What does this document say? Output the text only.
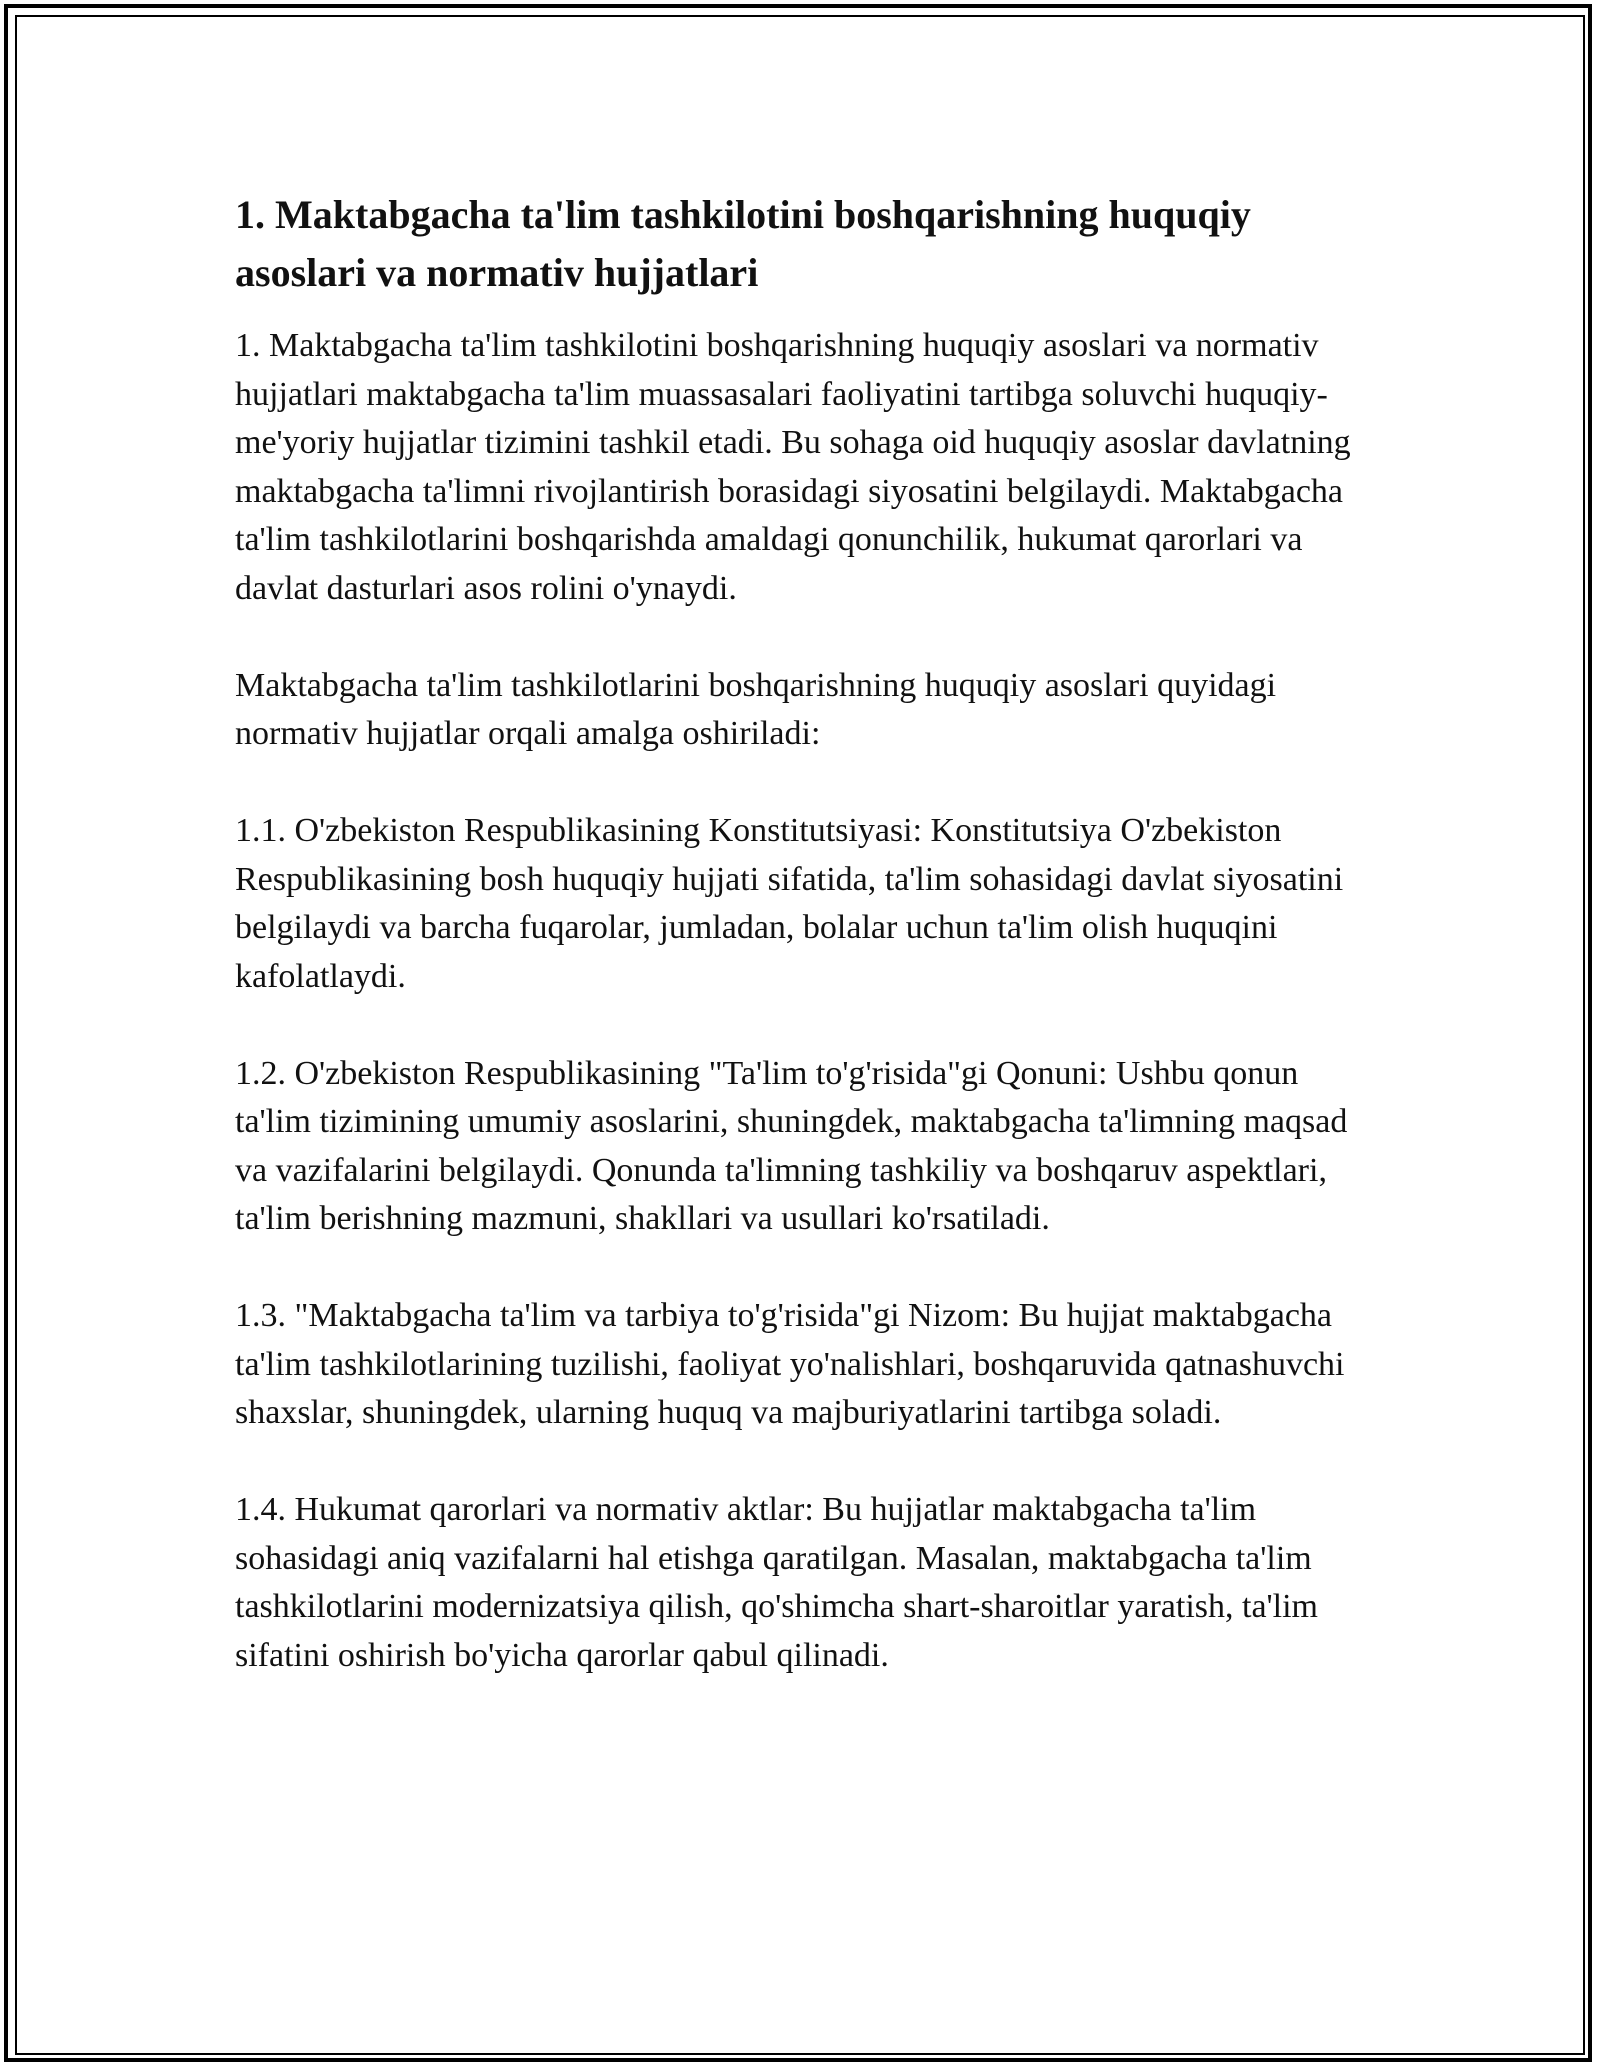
1. Maktabgacha ta'lim tashkilotini boshqarishning huquqiy asoslari va normativ hujjatlari

1. Maktabgacha ta'lim tashkilotini boshqarishning huquqiy asoslari va normativ hujjatlari maktabgacha ta'lim muassasalari faoliyatini tartibga soluvchi huquqiy-me'yoriy hujjatlar tizimini tashkil etadi. Bu sohaga oid huquqiy asoslar davlatning maktabgacha ta'limni rivojlantirish borasidagi siyosatini belgilaydi. Maktabgacha ta'lim tashkilotlarini boshqarishda amaldagi qonunchilik, hukumat qarorlari va davlat dasturlari asos rolini o'ynaydi.

Maktabgacha ta'lim tashkilotlarini boshqarishning huquqiy asoslari quyidagi normativ hujjatlar orqali amalga oshiriladi:

1.1. O'zbekiston Respublikasining Konstitutsiyasi: Konstitutsiya O'zbekiston Respublikasining bosh huquqiy hujjati sifatida, ta'lim sohasidagi davlat siyosatini belgilaydi va barcha fuqarolar, jumladan, bolalar uchun ta'lim olish huquqini kafolatlaydi.

1.2. O'zbekiston Respublikasining "Ta'lim to'g'risida"gi Qonuni: Ushbu qonun ta'lim tizimining umumiy asoslarini, shuningdek, maktabgacha ta'limning maqsad va vazifalarini belgilaydi. Qonunda ta'limning tashkiliy va boshqaruv aspektlari, ta'lim berishning mazmuni, shakllari va usullari ko'rsatiladi.

1.3. "Maktabgacha ta'lim va tarbiya to'g'risida"gi Nizom: Bu hujjat maktabgacha ta'lim tashkilotlarining tuzilishi, faoliyat yo'nalishlari, boshqaruvida qatnashuvchi shaxslar, shuningdek, ularning huquq va majburiyatlarini tartibga soladi.

1.4. Hukumat qarorlari va normativ aktlar: Bu hujjatlar maktabgacha ta'lim sohasidagi aniq vazifalarni hal etishga qaratilgan. Masalan, maktabgacha ta'lim tashkilotlarini modernizatsiya qilish, qo'shimcha shart-sharoitlar yaratish, ta'lim sifatini oshirish bo'yicha qarorlar qabul qilinadi.
